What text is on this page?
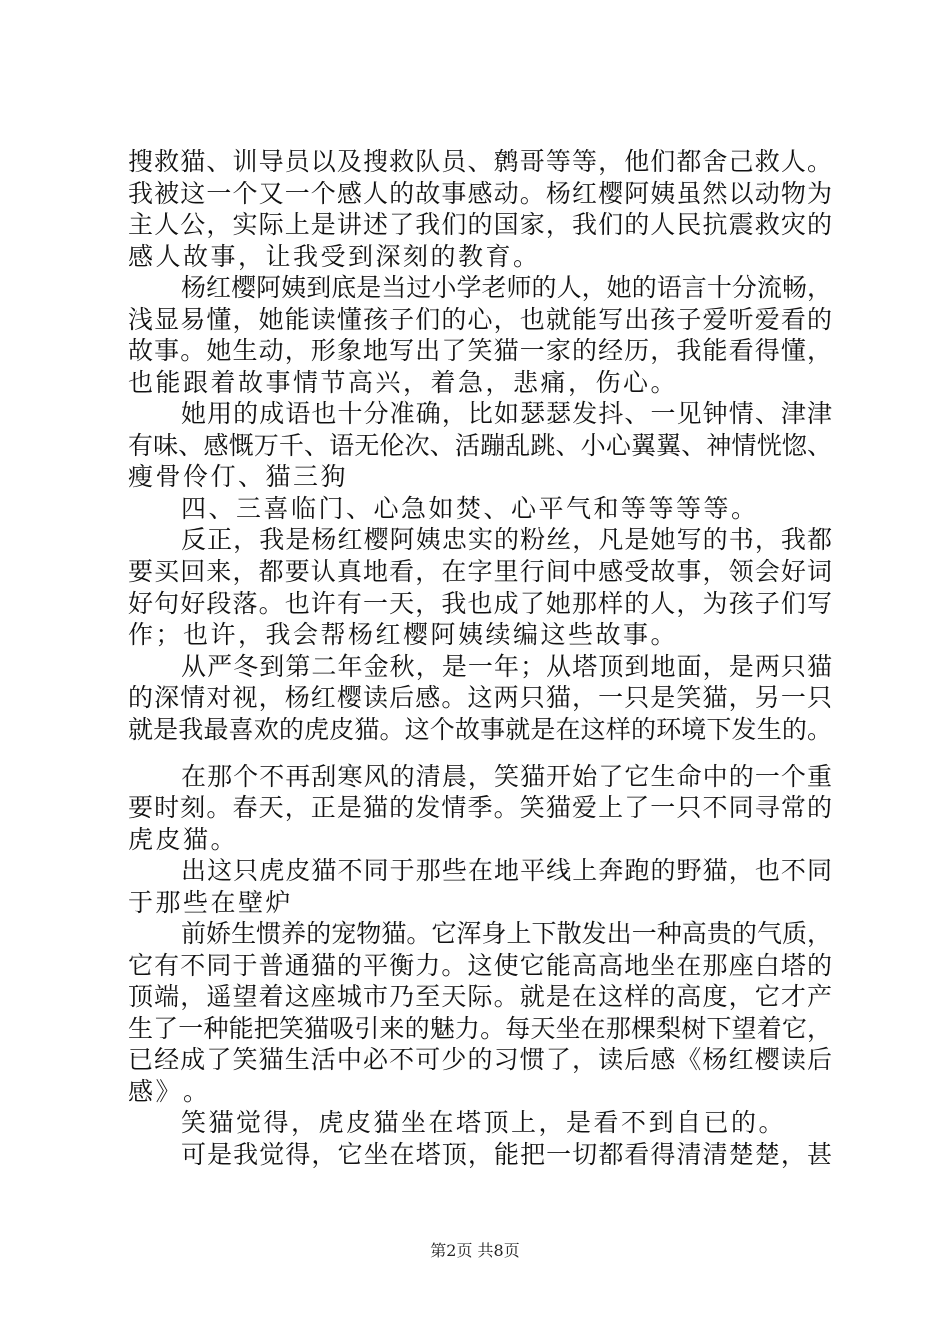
搜 救 猫 、 训 导 员 以 及 搜 救 队 员 、 鹩 哥 等 等 ， 他 们 都 舍 己 救 人 。
我 被 这 一 个 又 一 个 感 人 的 故 事 感 动 。 杨 红 樱 阿 姨 虽 然 以 动 物 为
主 人 公 ， 实 际 上 是 讲 述 了 我 们 的 国 家 ， 我 们 的 人 民 抗 震 救 灾 的
感 人 故 事 ， 让 我 受 到 深 刻 的 教 育 。
杨 红 樱 阿 姨 到 底 是 当 过 小 学 老 师 的 人 ， 她 的 语 言 十 分 流 畅 ，
浅 显 易 懂 ， 她 能 读 懂 孩 子 们 的 心 ， 也 就 能 写 出 孩 子 爱 听 爱 看 的
故 事 。 她 生 动 ， 形 象 地 写 出 了 笑 猫 一 家 的 经 历 ， 我 能 看 得 懂 ，
也 能 跟 着 故 事 情 节 高 兴 ， 着 急 ， 悲 痛 ， 伤 心 。
她 用 的 成 语 也 十 分 准 确 ， 比 如 瑟 瑟 发 抖 、 一 见 钟 情 、 津 津
有 味 、 感 慨 万 千 、 语 无 伦 次 、 活 蹦 乱 跳 、 小 心 翼 翼 、 神 情 恍 惚 、
瘦 骨 伶 仃 、 猫 三 狗
四 、 三 喜 临 门 、 心 急 如 焚 、 心 平 气 和 等 等 等 等 。
反 正 ， 我 是 杨 红 樱 阿 姨 忠 实 的 粉 丝 ， 凡 是 她 写 的 书 ， 我 都
要 买 回 来 ， 都 要 认 真 地 看 ， 在 字 里 行 间 中 感 受 故 事 ， 领 会 好 词
好 句 好 段 落 。 也 许 有 一 天 ， 我 也 成 了 她 那 样 的 人 ， 为 孩 子 们 写
作 ； 也 许 ， 我 会 帮 杨 红 樱 阿 姨 续 编 这 些 故 事 。
从 严 冬 到 第 二 年 金 秋 ， 是 一 年 ； 从 塔 顶 到 地 面 ， 是 两 只 猫
的 深 情 对 视 ， 杨 红 樱 读 后 感 。 这 两 只 猫 ， 一 只 是 笑 猫 ， 另 一 只
就 是 我 最 喜 欢 的 虎 皮 猫 。 这 个 故 事 就 是 在 这 样 的 环 境 下 发 生 的 。
在 那 个 不 再 刮 寒 风 的 清 晨 ， 笑 猫 开 始 了 它 生 命 中 的 一 个 重
要 时 刻 。 春 天 ， 正 是 猫 的 发 情 季 。 笑 猫 爱 上 了 一 只 不 同 寻 常 的
虎 皮 猫 。
出 这 只 虎 皮 猫 不 同 于 那 些 在 地 平 线 上 奔 跑 的 野 猫 ， 也 不 同
于 那 些 在 壁 炉
前 娇 生 惯 养 的 宠 物 猫 。 它 浑 身 上 下 散 发 出 一 种 高 贵 的 气 质 ，
它 有 不 同 于 普 通 猫 的 平 衡 力 。 这 使 它 能 高 高 地 坐 在 那 座 白 塔 的
顶 端 ， 遥 望 着 这 座 城 市 乃 至 天 际 。 就 是 在 这 样 的 高 度 ， 它 才 产
生 了 一 种 能 把 笑 猫 吸 引 来 的 魅 力 。 每 天 坐 在 那 棵 梨 树 下 望 着 它 ，
已 经 成 了 笑 猫 生 活 中 必 不 可 少 的 习 惯 了 ， 读 后 感 《 杨 红 樱 读 后
感 》 。
笑 猫 觉 得 ， 虎 皮 猫 坐 在 塔 顶 上 ， 是 看 不 到 自 已 的 。
可 是 我 觉 得 ， 它 坐 在 塔 顶 ， 能 把 一 切 都 看 得 清 清 楚 楚 ， 甚
第2页 共8页
